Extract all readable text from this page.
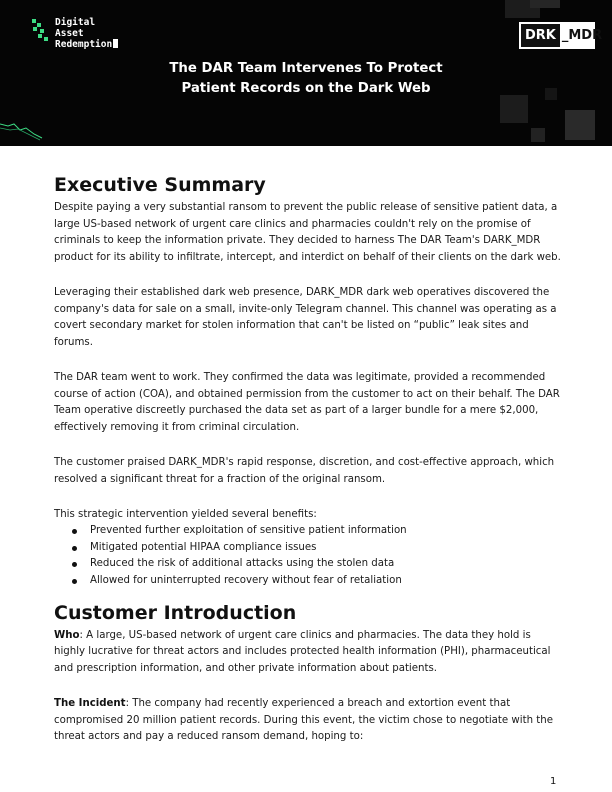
Digital
Asset
Redemption
DRK _MDR
The DAR Team Intervenes To Protect
Patient Records on the Dark Web
Executive Summary

Despite paying a very substantial ransom to prevent the public release of sensitive patient data, a large US-based network of urgent care clinics and pharmacies couldn't rely on the promise of criminals to keep the information private. They decided to harness The DAR Team's DARK_MDR product for its ability to infiltrate, intercept, and interdict on behalf of their clients on the dark web.

Leveraging their established dark web presence, DARK_MDR dark web operatives discovered the company's data for sale on a small, invite-only Telegram channel. This channel was operating as a covert secondary market for stolen information that can't be listed on “public” leak sites and forums.

The DAR team went to work. They confirmed the data was legitimate, provided a recommended course of action (COA), and obtained permission from the customer to act on their behalf. The DAR Team operative discreetly purchased the data set as part of a larger bundle for a mere $2,000, effectively removing it from criminal circulation.

The customer praised DARK_MDR's rapid response, discretion, and cost-effective approach, which resolved a significant threat for a fraction of the original ransom.

This strategic intervention yielded several benefits:

Prevented further exploitation of sensitive patient information
Mitigated potential HIPAA compliance issues
Reduced the risk of additional attacks using the stolen data
Allowed for uninterrupted recovery without fear of retaliation
Customer Introduction

Who: A large, US-based network of urgent care clinics and pharmacies. The data they hold is highly lucrative for threat actors and includes protected health information (PHI), pharmaceutical and prescription information, and other private information about patients.

The Incident: The company had recently experienced a breach and extortion event that compromised 20 million patient records. During this event, the victim chose to negotiate with the threat actors and pay a reduced ransom demand, hoping to:

1
